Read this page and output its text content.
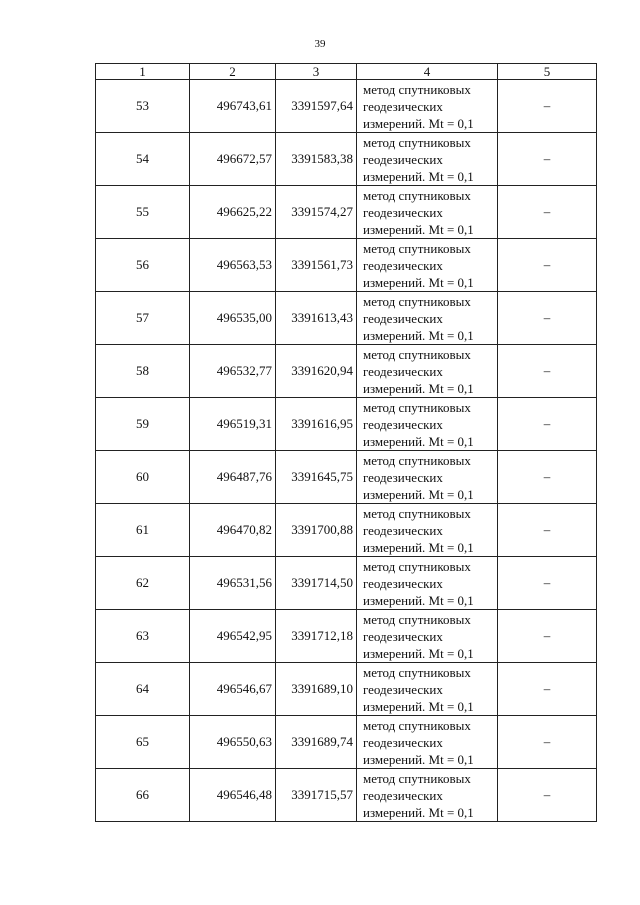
39
1	2	3	4	5
53	496743,61	3391597,64	метод спутниковых
геодезических
измерений. Mt = 0,1	–
54	496672,57	3391583,38	метод спутниковых
геодезических
измерений. Mt = 0,1	–
55	496625,22	3391574,27	метод спутниковых
геодезических
измерений. Mt = 0,1	–
56	496563,53	3391561,73	метод спутниковых
геодезических
измерений. Mt = 0,1	–
57	496535,00	3391613,43	метод спутниковых
геодезических
измерений. Mt = 0,1	–
58	496532,77	3391620,94	метод спутниковых
геодезических
измерений. Mt = 0,1	–
59	496519,31	3391616,95	метод спутниковых
геодезических
измерений. Mt = 0,1	–
60	496487,76	3391645,75	метод спутниковых
геодезических
измерений. Mt = 0,1	–
61	496470,82	3391700,88	метод спутниковых
геодезических
измерений. Mt = 0,1	–
62	496531,56	3391714,50	метод спутниковых
геодезических
измерений. Mt = 0,1	–
63	496542,95	3391712,18	метод спутниковых
геодезических
измерений. Mt = 0,1	–
64	496546,67	3391689,10	метод спутниковых
геодезических
измерений. Mt = 0,1	–
65	496550,63	3391689,74	метод спутниковых
геодезических
измерений. Mt = 0,1	–
66	496546,48	3391715,57	метод спутниковых
геодезических
измерений. Mt = 0,1	–
